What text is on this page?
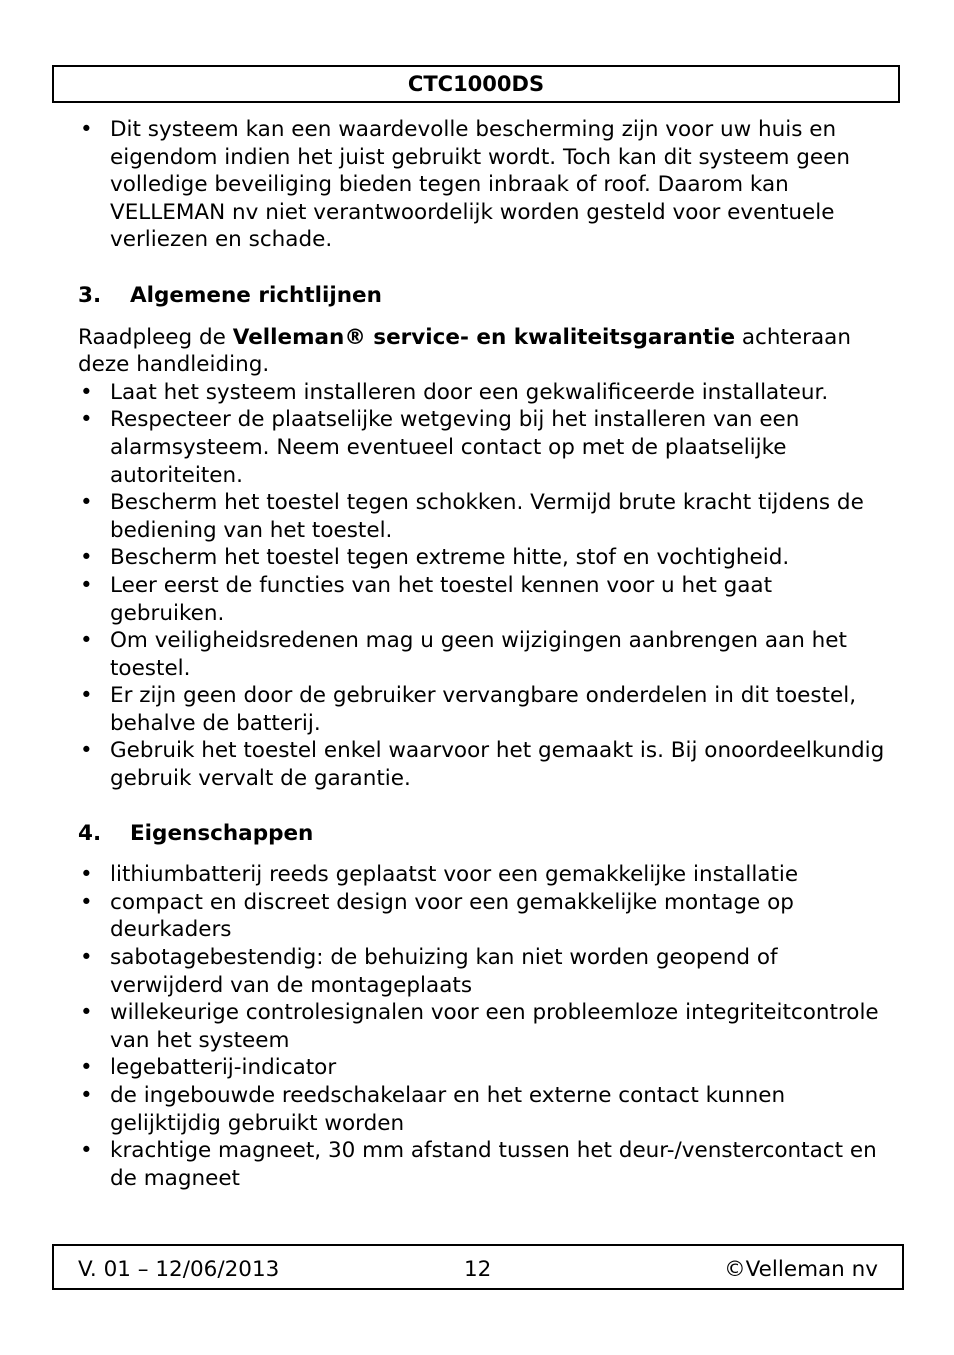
CTC1000DS
• Dit systeem kan een waardevolle bescherming zijn voor uw huis en eigendom indien het juist gebruikt wordt. Toch kan dit systeem geen volledige beveiliging bieden tegen inbraak of roof. Daarom kan VELLEMAN nv niet verantwoordelijk worden gesteld voor eventuele verliezen en schade.
3.	Algemene richtlijnen

Raadpleeg de Velleman® service- en kwaliteitsgarantie achteraan deze handleiding.

• Laat het systeem installeren door een gekwalificeerde installateur.
• Respecteer de plaatselijke wetgeving bij het installeren van een alarmsysteem. Neem eventueel contact op met de plaatselijke autoriteiten.
• Bescherm het toestel tegen schokken. Vermijd brute kracht tijdens de bediening van het toestel.
• Bescherm het toestel tegen extreme hitte, stof en vochtigheid.
• Leer eerst de functies van het toestel kennen voor u het gaat gebruiken.
• Om veiligheidsredenen mag u geen wijzigingen aanbrengen aan het toestel.
• Er zijn geen door de gebruiker vervangbare onderdelen in dit toestel, behalve de batterij.
• Gebruik het toestel enkel waarvoor het gemaakt is. Bij onoordeelkundig gebruik vervalt de garantie.
4.	Eigenschappen
• lithiumbatterij reeds geplaatst voor een gemakkelijke installatie
• compact en discreet design voor een gemakkelijke montage op deurkaders
• sabotagebestendig: de behuizing kan niet worden geopend of verwijderd van de montageplaats
• willekeurige controlesignalen voor een probleemloze integriteitcontrole van het systeem
• legebatterij-indicator
• de ingebouwde reedschakelaar en het externe contact kunnen gelijktijdig gebruikt worden
• krachtige magneet, 30 mm afstand tussen het deur-/venstercontact en de magneet
V. 01 – 12/06/2013	12	©Velleman nv
